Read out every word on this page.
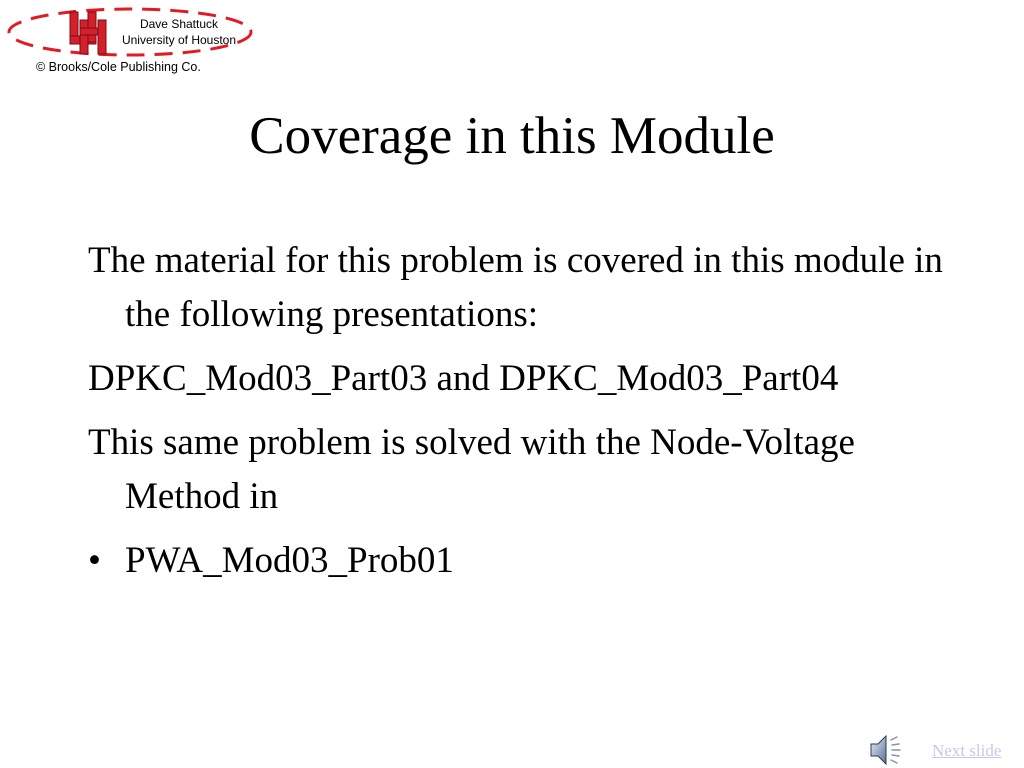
Dave Shattuck
University of Houston
© Brooks/Cole Publishing Co.
Coverage in this Module
The material for this problem is covered in this module in the following presentations:
DPKC_Mod03_Part03 and DPKC_Mod03_Part04
This same problem is solved with the Node-Voltage Method in
• PWA_Mod03_Prob01
Next slide
